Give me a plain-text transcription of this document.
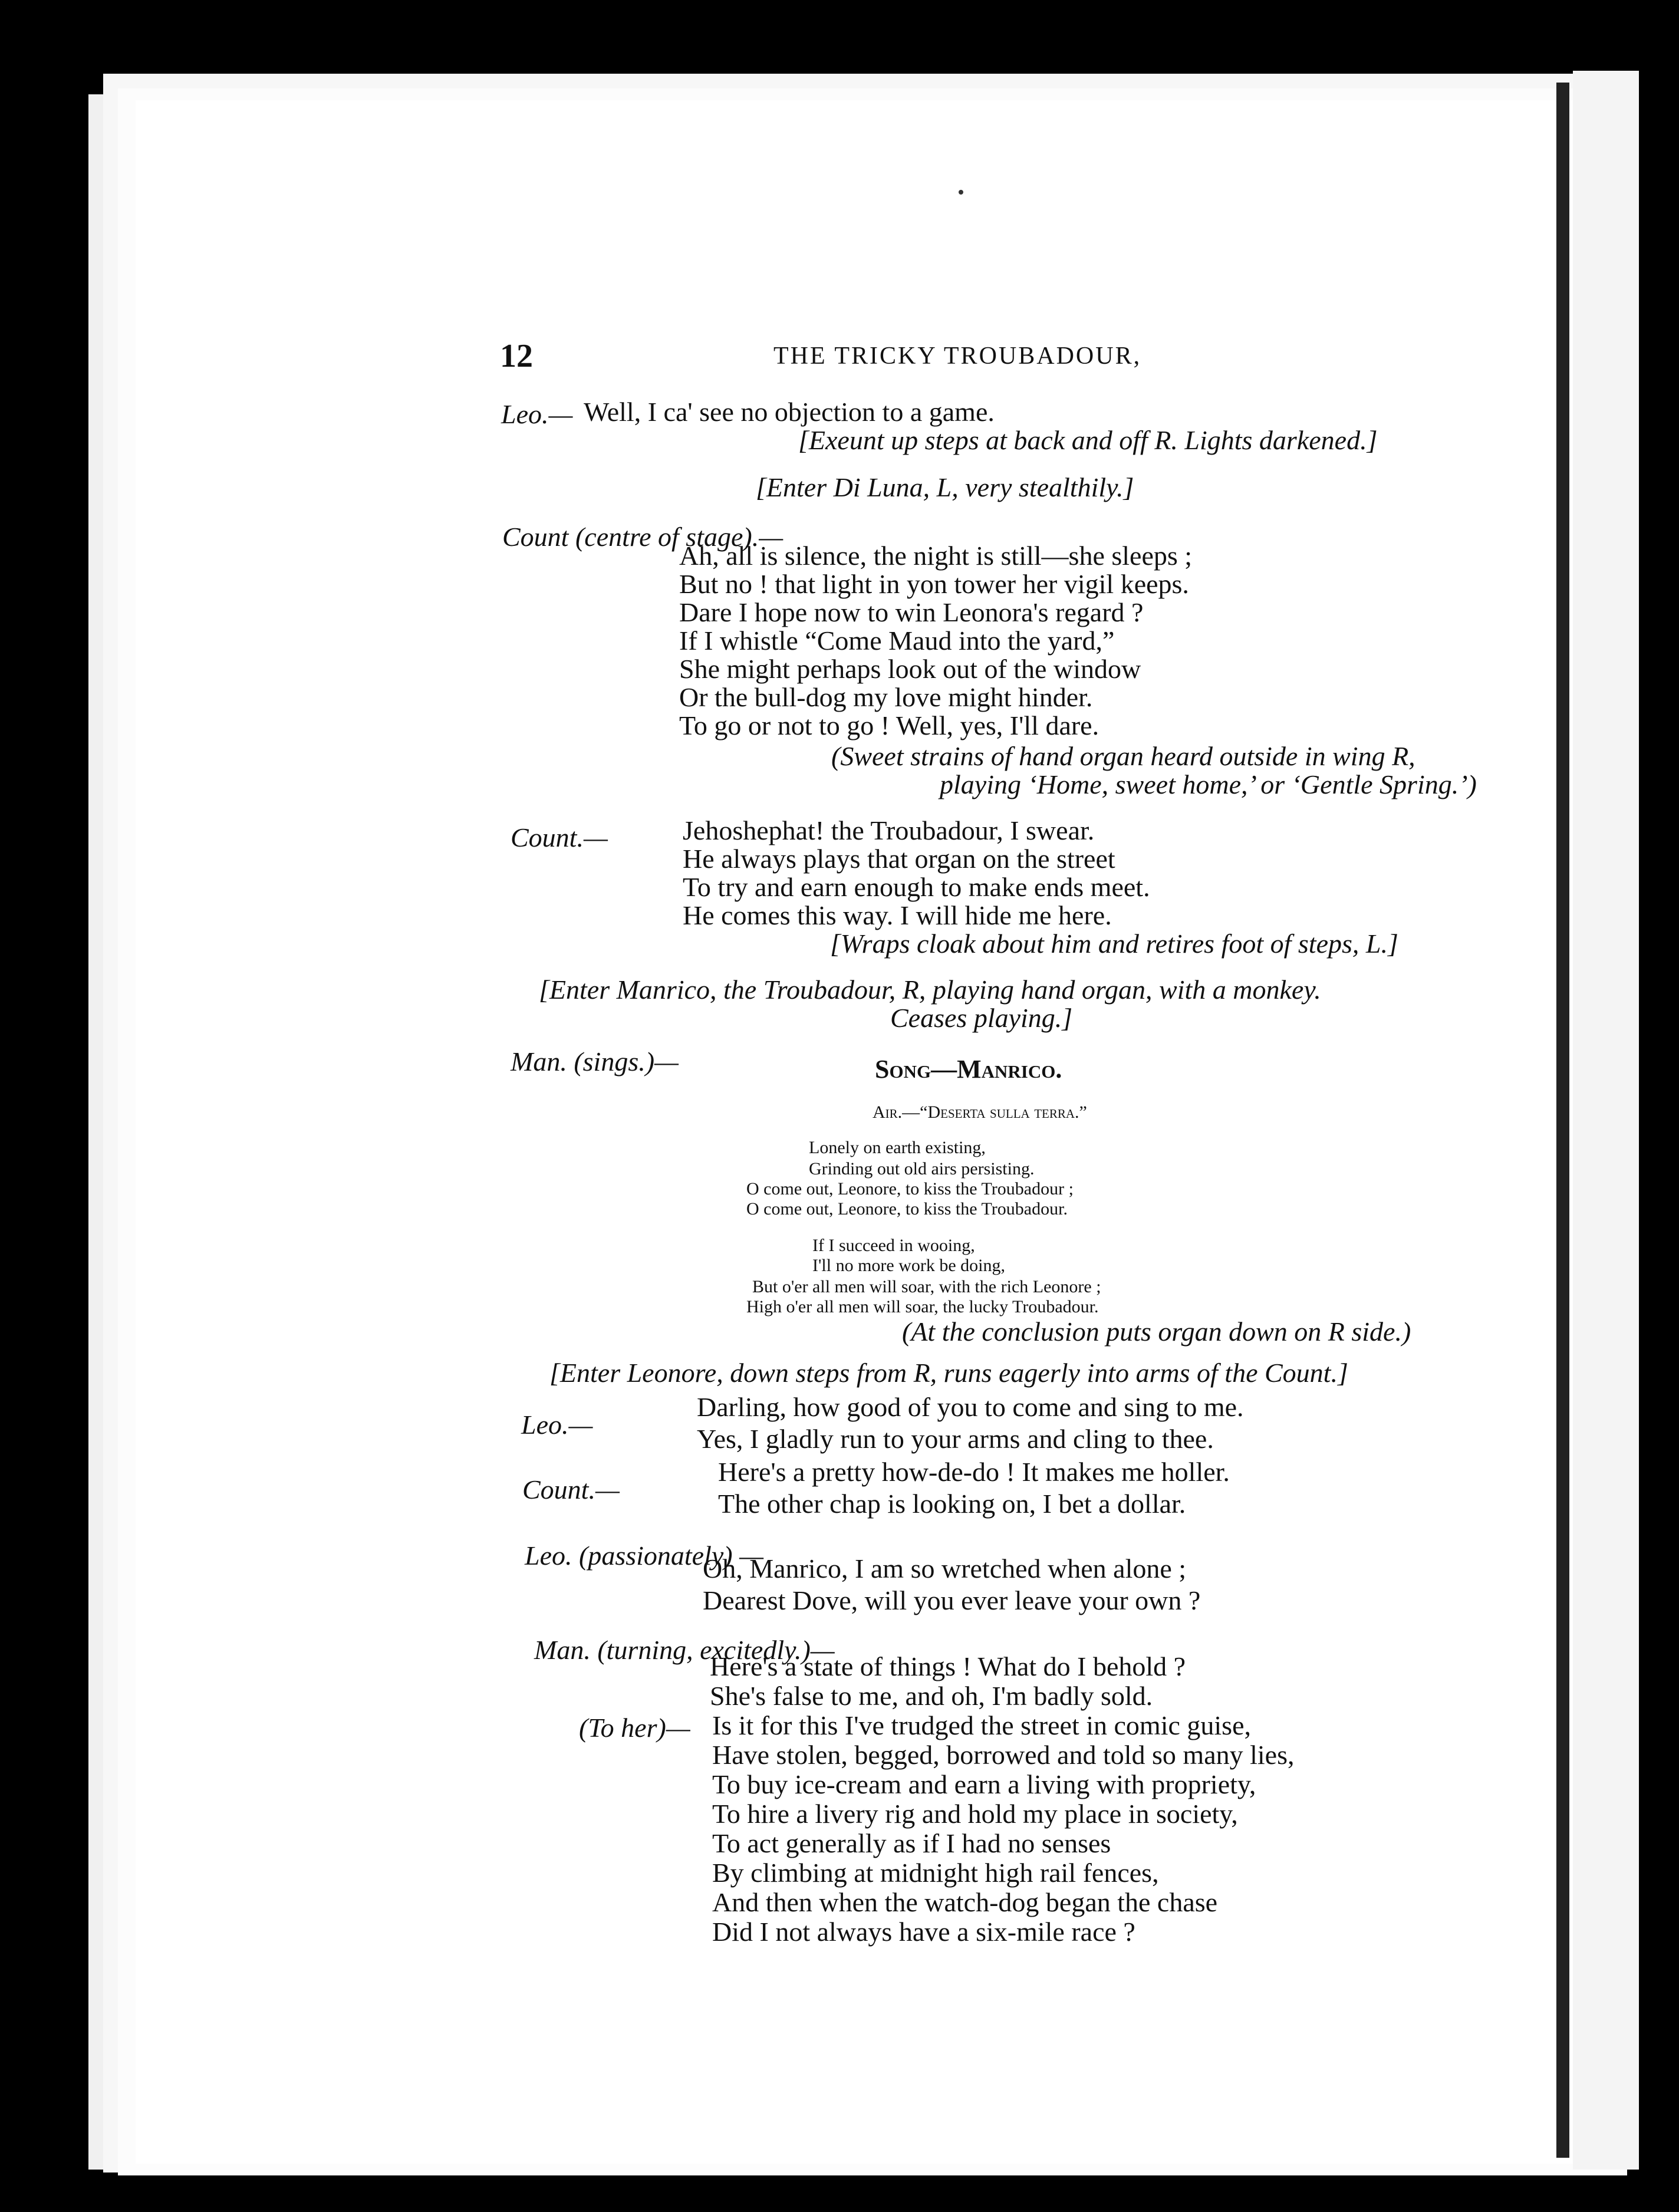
12	THE TRICKY TROUBADOUR,
Leo.— Well, I ca' see no objection to a game.
[Exeunt up steps at back and off R. Lights darkened.]
[Enter Di Luna, L, very stealthily.]
Count (centre of stage).—
Ah, all is silence, the night is still—she sleeps ;
But no ! that light in yon tower her vigil keeps.
Dare I hope now to win Leonora's regard ?
If I whistle “Come Maud into the yard,”
She might perhaps look out of the window
Or the bull-dog my love might hinder.
To go or not to go ! Well, yes, I'll dare.
(Sweet strains of hand organ heard outside in wing R,
playing ‘Home, sweet home,’ or ‘Gentle Spring.’)
Count.—	Jehoshephat! the Troubadour, I swear.
He always plays that organ on the street
To try and earn enough to make ends meet.
He comes this way. I will hide me here.
[Wraps cloak about him and retires foot of steps, L.]
[Enter Manrico, the Troubadour, R, playing hand organ, with a monkey.
Ceases playing.]
Man. (sings.)—	Song—Manrico.
Air.—“Deserta sulla terra.”
Lonely on earth existing,
Grinding out old airs persisting.
O come out, Leonore, to kiss the Troubadour ;
O come out, Leonore, to kiss the Troubadour.
If I succeed in wooing,
I'll no more work be doing,
But o'er all men will soar, with the rich Leonore ;
High o'er all men will soar, the lucky Troubadour.
(At the conclusion puts organ down on R side.)
[Enter Leonore, down steps from R, runs eagerly into arms of the Count.]
Leo.—
Darling, how good of you to come and sing to me.
Yes, I gladly run to your arms and cling to thee.
Count.—
Here's a pretty how-de-do ! It makes me holler.
The other chap is looking on, I bet a dollar.
Leo. (passionately) —
Oh, Manrico, I am so wretched when alone ;
Dearest Dove, will you ever leave your own ?
Man. (turning, excitedly.)—
Here's a state of things ! What do I behold ?
She's false to me, and oh, I'm badly sold.
(To her)— Is it for this I've trudged the street in comic guise,
Have stolen, begged, borrowed and told so many lies,
To buy ice-cream and earn a living with propriety,
To hire a livery rig and hold my place in society,
To act generally as if I had no senses
By climbing at midnight high rail fences,
And then when the watch-dog began the chase
Did I not always have a six-mile race ?
